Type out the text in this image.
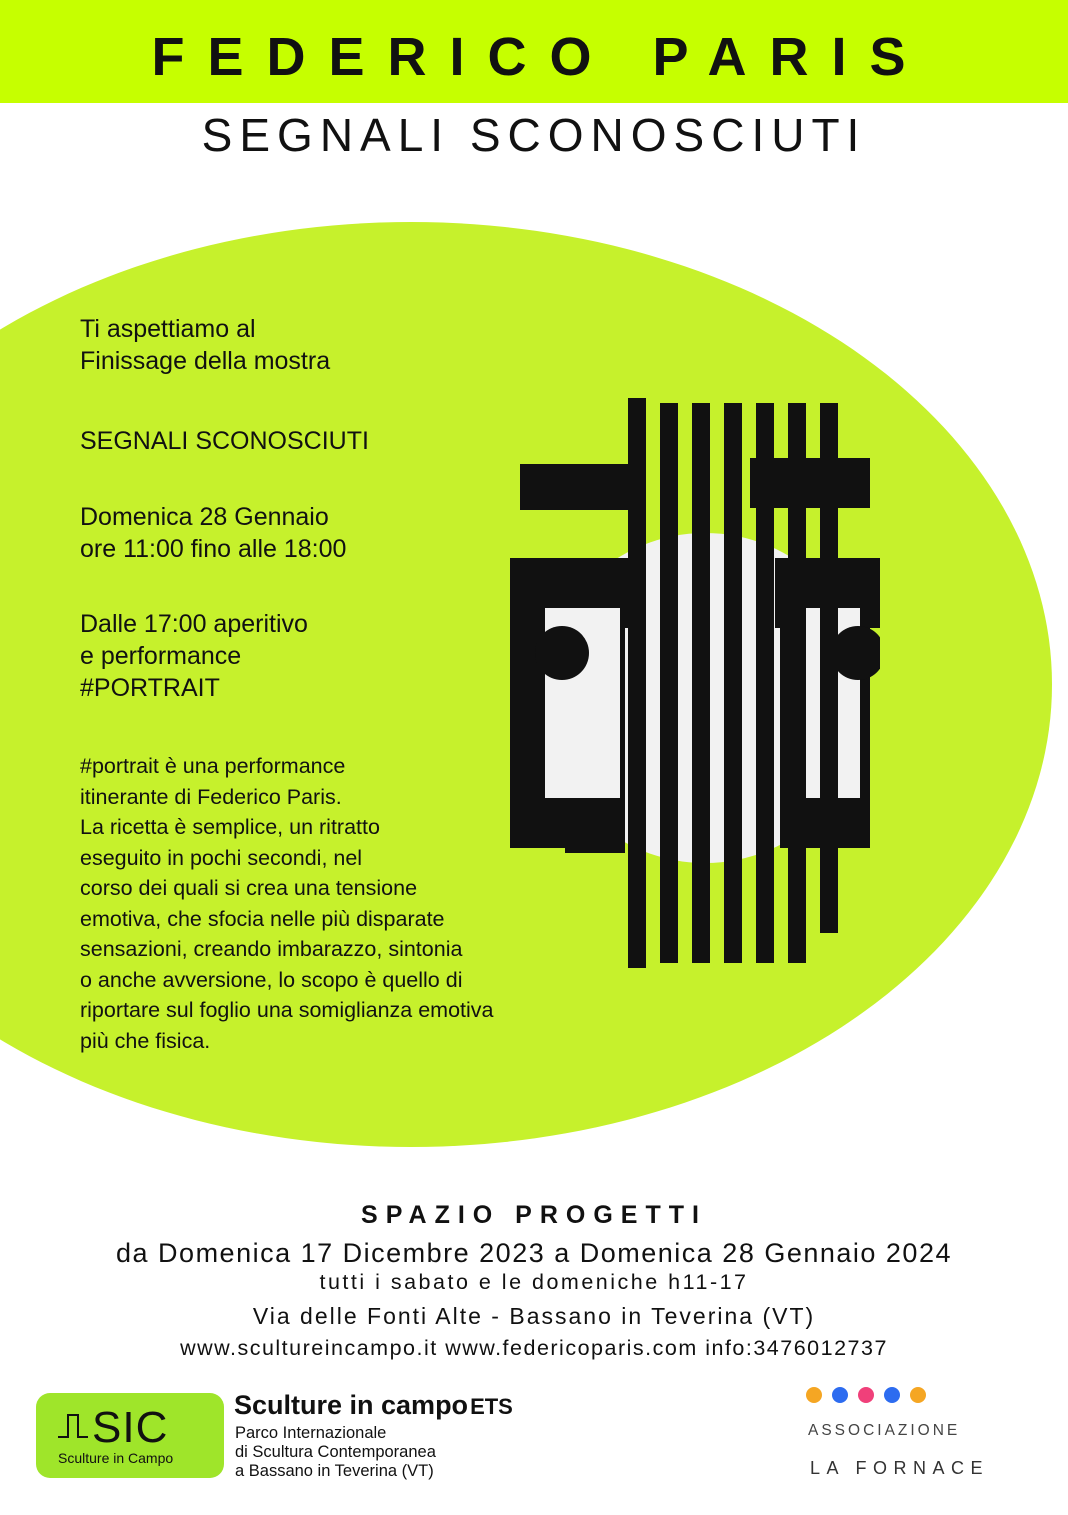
FEDERICO PARIS
SEGNALI SCONOSCIUTI
Ti aspettiamo al
Finissage della mostra
SEGNALI SCONOSCIUTI
Domenica 28 Gennaio
ore 11:00 fino alle 18:00
Dalle 17:00 aperitivo
e performance
#PORTRAIT
#portrait è una performance
itinerante di Federico Paris.
La ricetta è semplice, un ritratto
eseguito in pochi secondi, nel
corso dei quali si crea una tensione
emotiva, che sfocia nelle più disparate
sensazioni, creando imbarazzo, sintonia
o anche avversione, lo scopo è quello di
riportare sul foglio una somiglianza emotiva
più che fisica.
SPAZIO PROGETTI
da Domenica 17 Dicembre 2023 a Domenica 28 Gennaio 2024
tutti i sabato e le domeniche h11-17
Via delle Fonti Alte - Bassano in Teverina (VT)
www.scultureincampo.it www.federicoparis.com info:3476012737
SIC
Sculture in Campo
Sculture in campoETS
Parco Internazionale
di Scultura Contemporanea
a Bassano in Teverina (VT)
ASSOCIAZIONE
LA FORNACE
